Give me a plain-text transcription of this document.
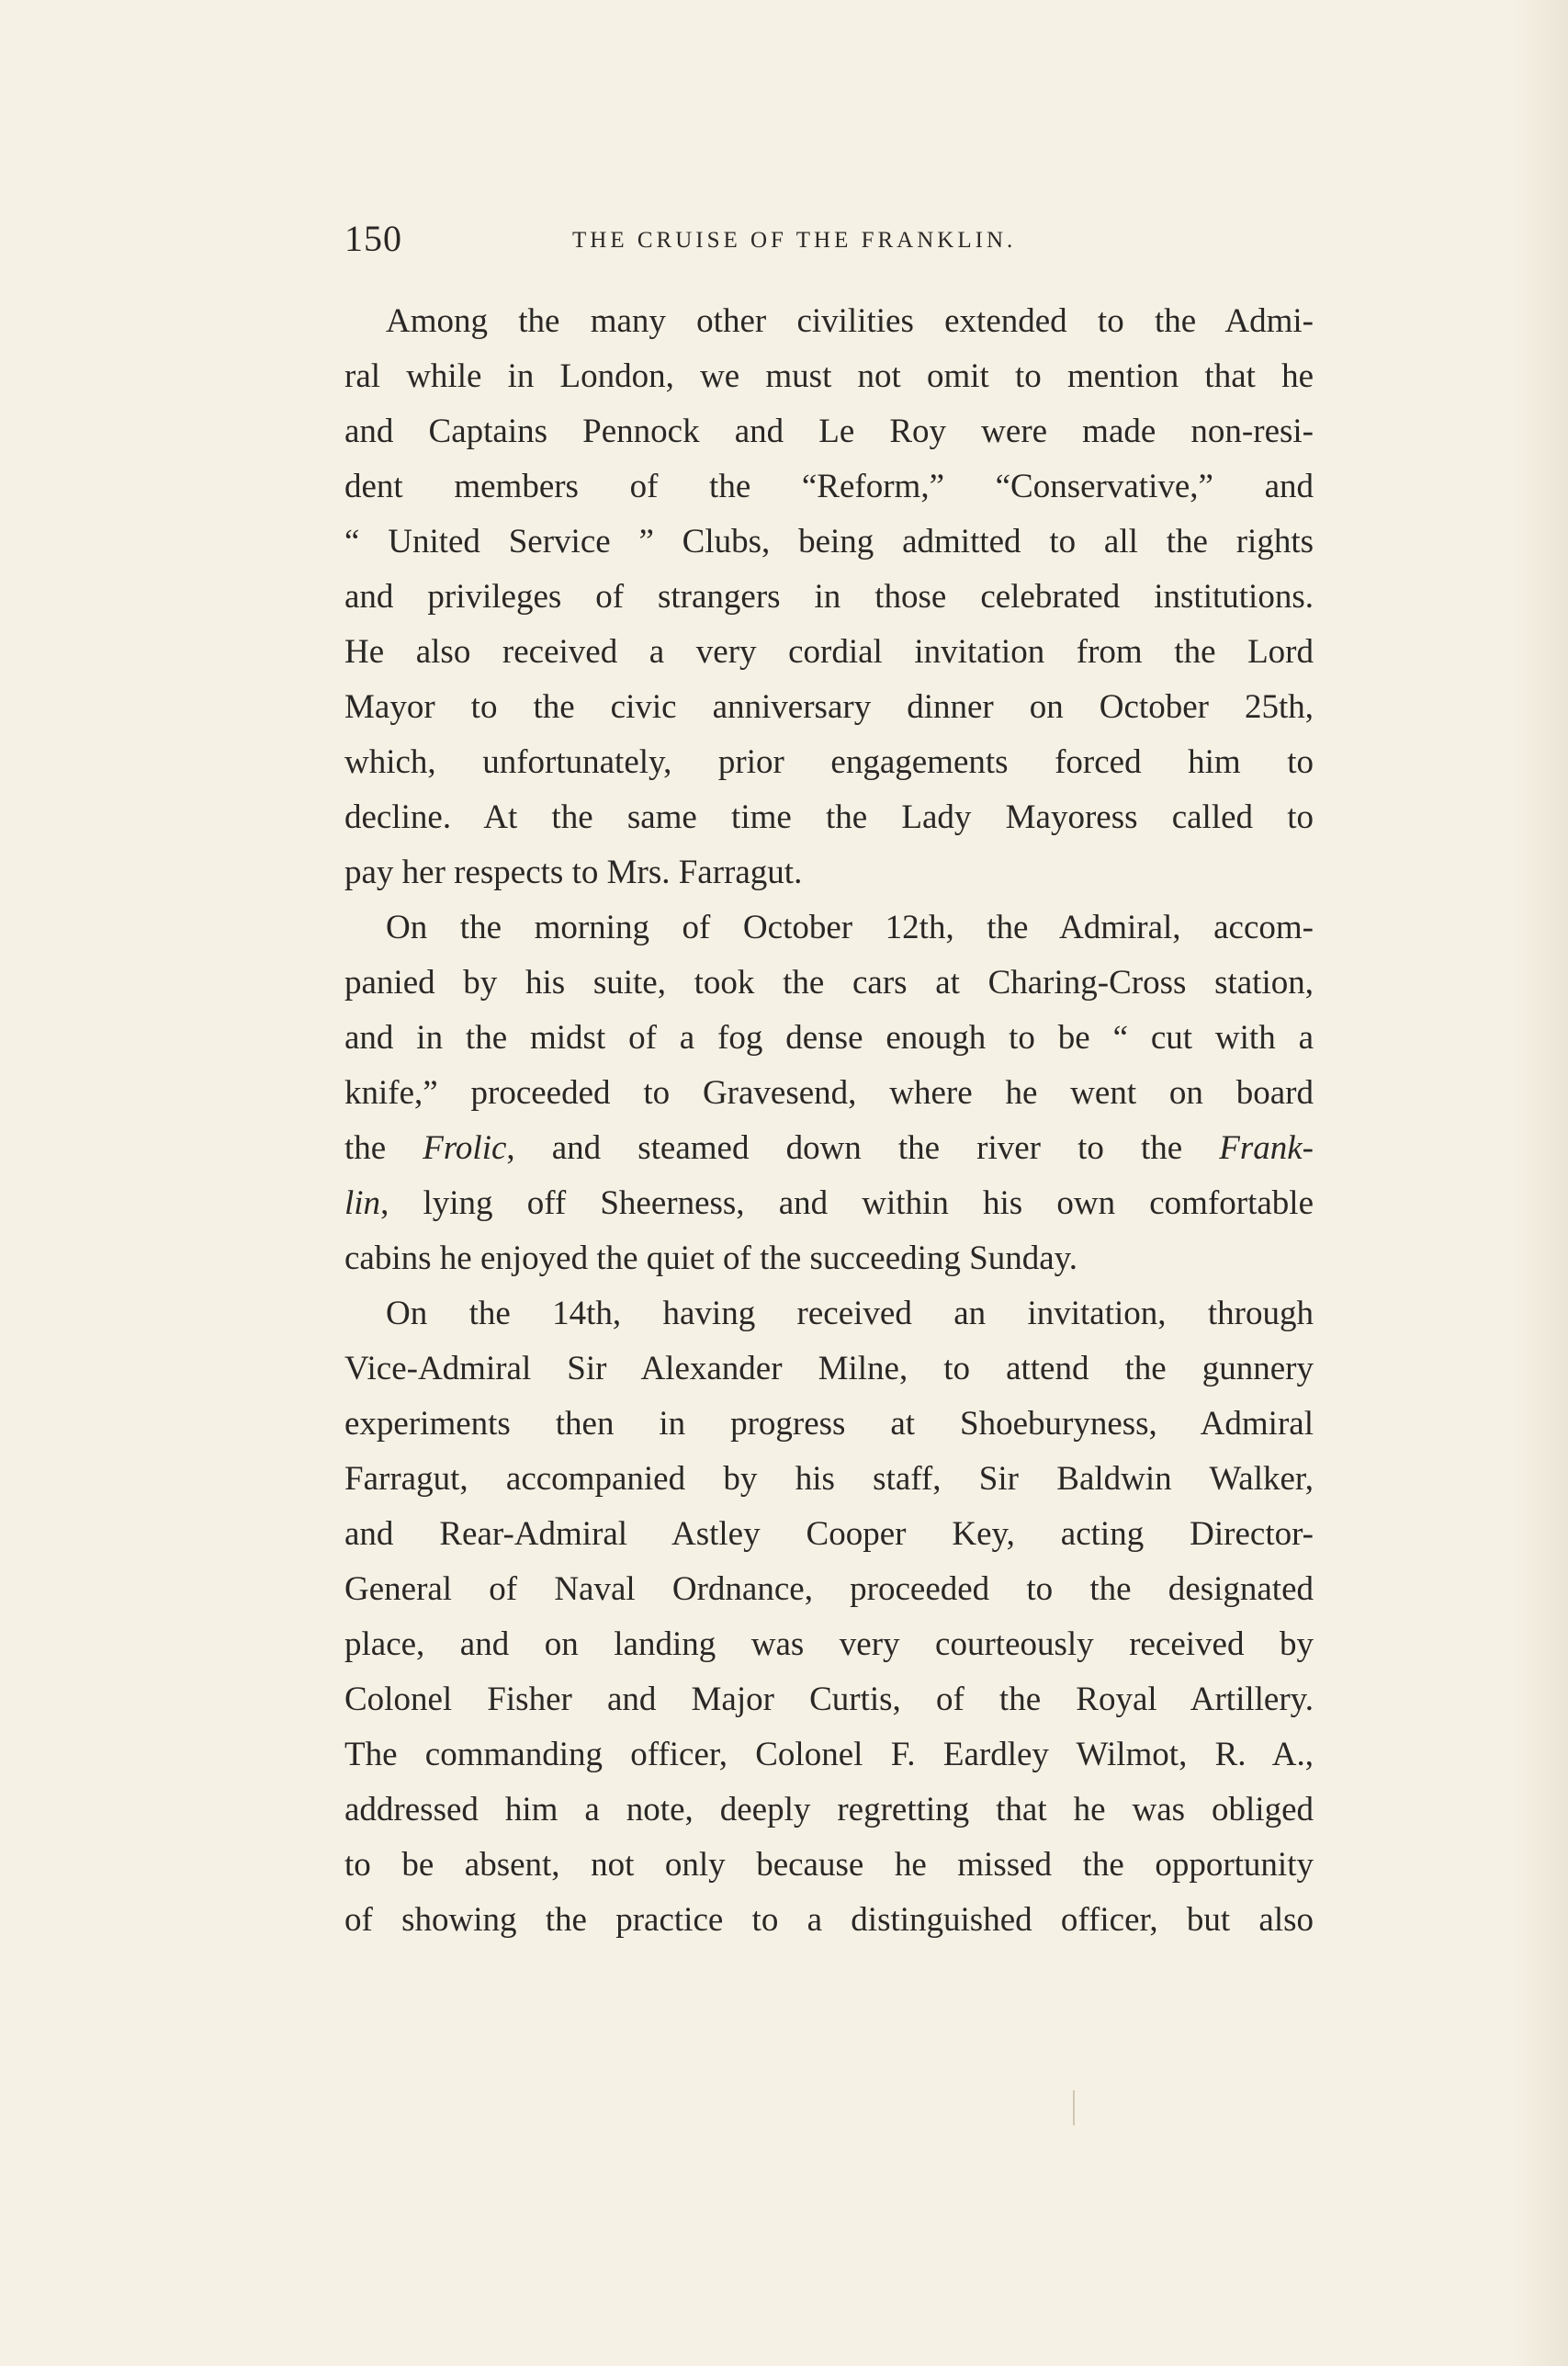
150	THE CRUISE OF THE FRANKLIN.
Among the many other civilities extended to the Admi-
ral while in London, we must not omit to mention that he
and Captains Pennock and Le Roy were made non-resi-
dent members of the “Reform,” “Conservative,” and
“ United Service ” Clubs, being admitted to all the rights
and privileges of strangers in those celebrated institutions.
He also received a very cordial invitation from the Lord
Mayor to the civic anniversary dinner on October 25th,
which, unfortunately, prior engagements forced him to
decline. At the same time the Lady Mayoress called to
pay her respects to Mrs. Farragut.
On the morning of October 12th, the Admiral, accom-
panied by his suite, took the cars at Charing-Cross station,
and in the midst of a fog dense enough to be “ cut with a
knife,” proceeded to Gravesend, where he went on board
the Frolic, and steamed down the river to the Frank-
lin, lying off Sheerness, and within his own comfortable
cabins he enjoyed the quiet of the succeeding Sunday.
On the 14th, having received an invitation, through
Vice-Admiral Sir Alexander Milne, to attend the gunnery
experiments then in progress at Shoeburyness, Admiral
Farragut, accompanied by his staff, Sir Baldwin Walker,
and Rear-Admiral Astley Cooper Key, acting Director-
General of Naval Ordnance, proceeded to the designated
place, and on landing was very courteously received by
Colonel Fisher and Major Curtis, of the Royal Artillery.
The commanding officer, Colonel F. Eardley Wilmot, R. A.,
addressed him a note, deeply regretting that he was obliged
to be absent, not only because he missed the opportunity
of showing the practice to a distinguished officer, but also
